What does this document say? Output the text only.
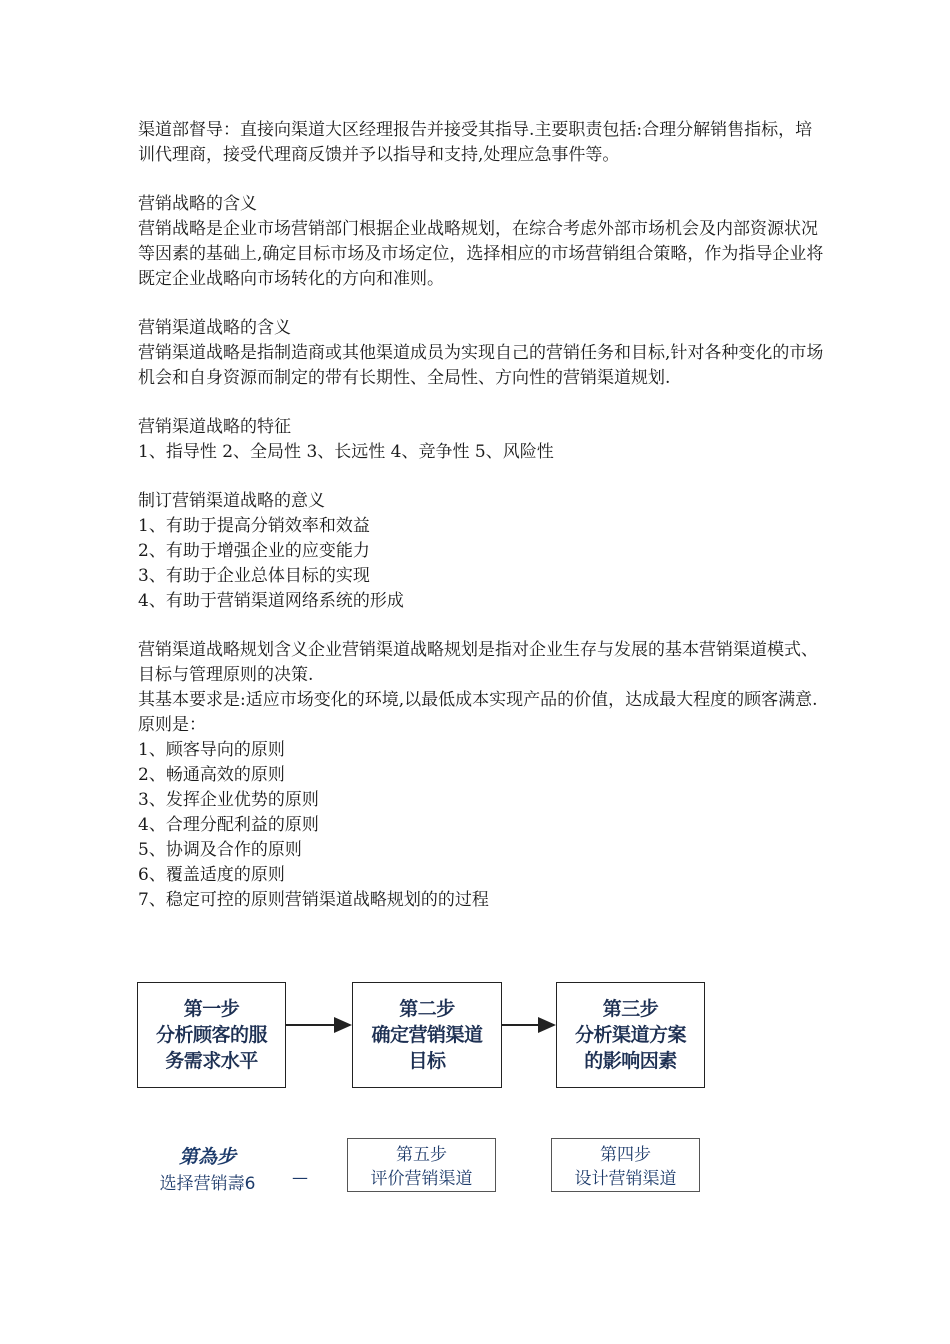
渠道部督导：直接向渠道大区经理报告并接受其指导.主要职责包括:合理分解销售指标，培训代理商，接受代理商反馈并予以指导和支持,处理应急事件等。

营销战略的含义

营销战略是企业市场营销部门根据企业战略规划，在综合考虑外部市场机会及内部资源状况等因素的基础上,确定目标市场及市场定位，选择相应的市场营销组合策略，作为指导企业将既定企业战略向市场转化的方向和准则。

营销渠道战略的含义

营销渠道战略是指制造商或其他渠道成员为实现自己的营销任务和目标,针对各种变化的市场机会和自身资源而制定的带有长期性、全局性、方向性的营销渠道规划.

营销渠道战略的特征

1、指导性 2、全局性 3、长远性 4、竞争性 5、风险性

制订营销渠道战略的意义

1、有助于提高分销效率和效益

2、有助于增强企业的应变能力

3、有助于企业总体目标的实现

4、有助于营销渠道网络系统的形成

营销渠道战略规划含义企业营销渠道战略规划是指对企业生存与发展的基本营销渠道模式、目标与管理原则的决策.

其基本要求是:适应市场变化的环境,以最低成本实现产品的价值，达成最大程度的顾客满意.

原则是：

1、顾客导向的原则

2、畅通高效的原则

3、发挥企业优势的原则

4、合理分配利益的原则

5、协调及合作的原则

6、覆盖适度的原则

7、稳定可控的原则营销渠道战略规划的的过程

第一步
分析顾客的服
务需求水平
第二步
确定营销渠道
目标
第三步
分析渠道方案
的影响因素
第為步
选择营销壽6	—
第五步
评价营销渠道
第四步
设计营销渠道
